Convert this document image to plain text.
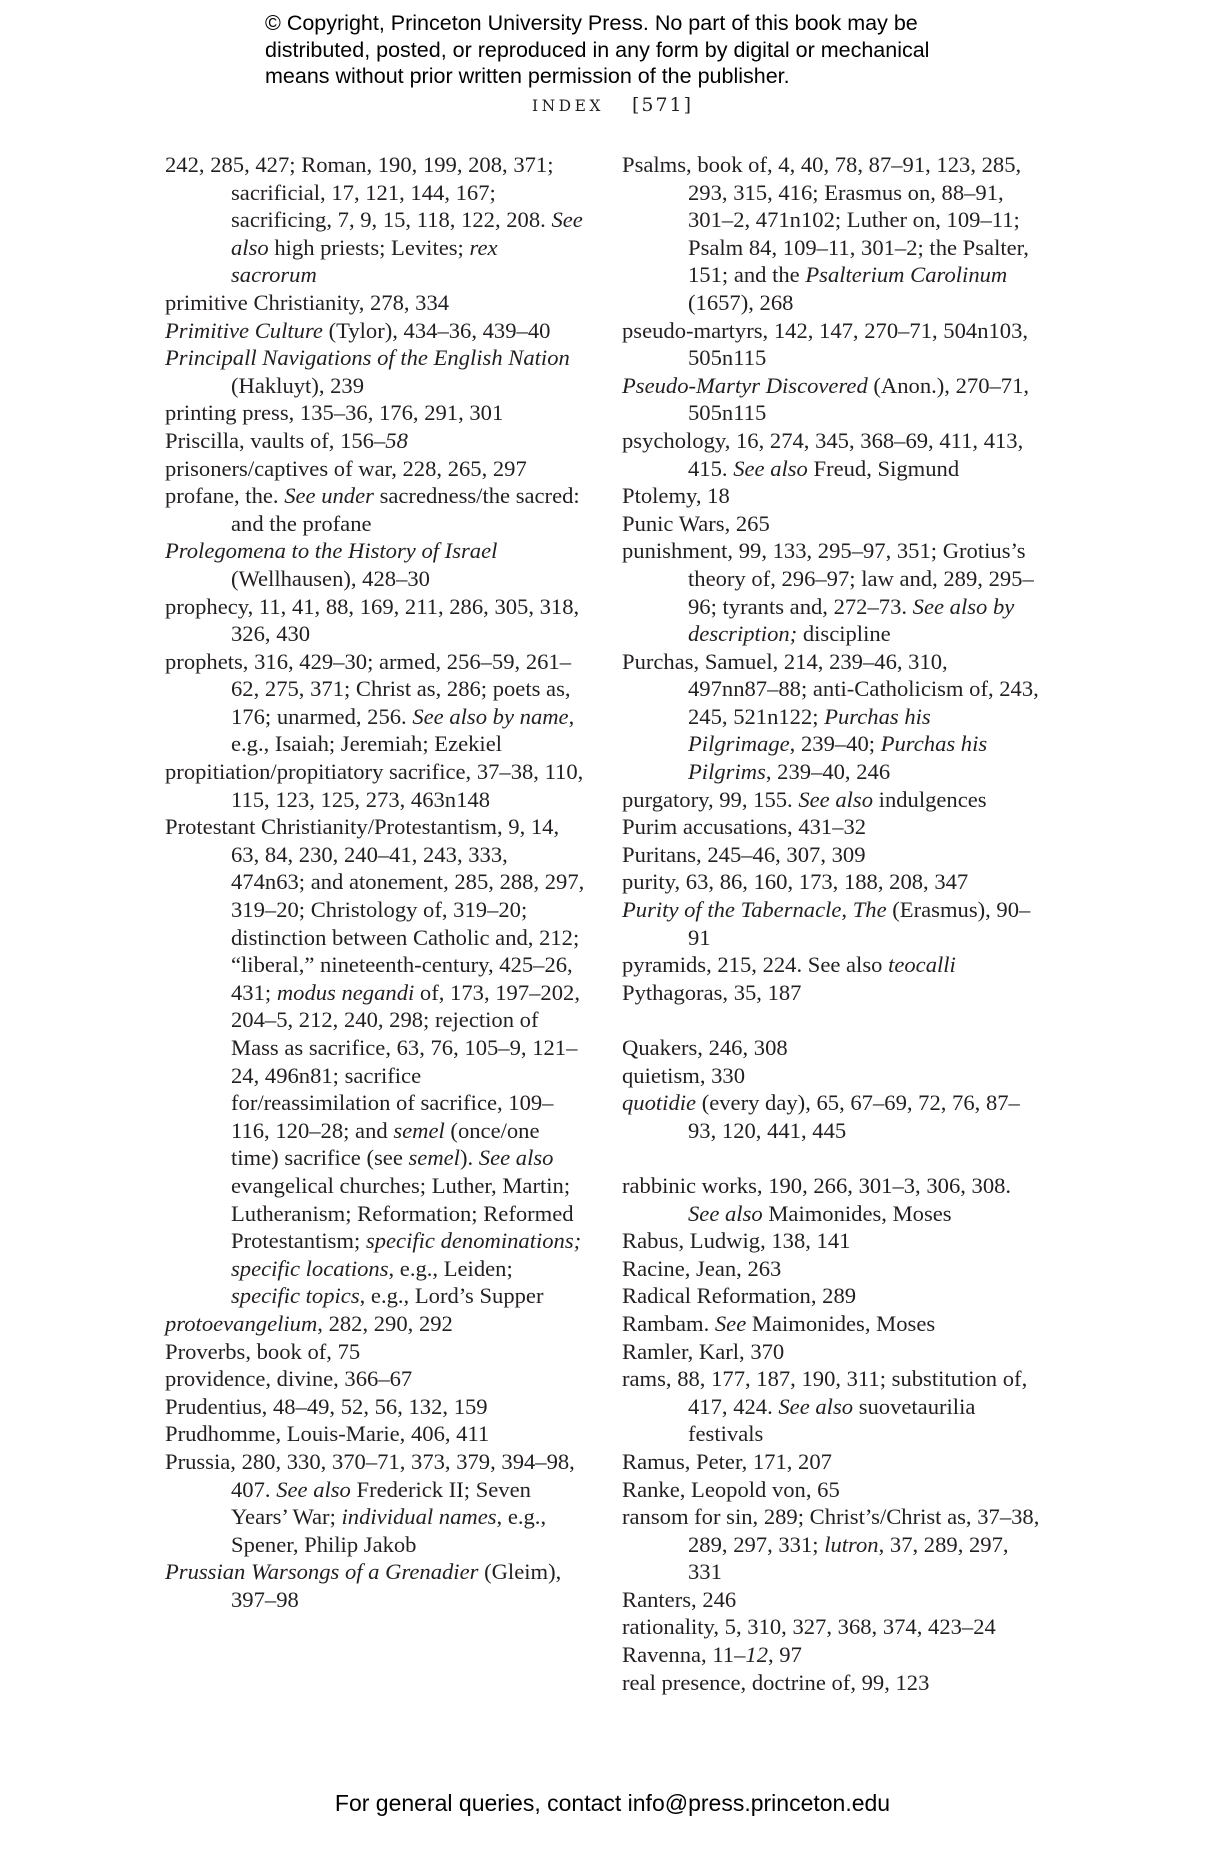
© Copyright, Princeton University Press. No part of this book may be
distributed, posted, or reproduced in any form by digital or mechanical
means without prior written permission of the publisher.
INDEX [571]
242, 285, 427; Roman, 190, 199, 208, 371; sacrificial, 17, 121, 144, 167; sacrificing, 7, 9, 15, 118, 122, 208. See also high priests; Levites; rex sacrorum
primitive Christianity, 278, 334
Primitive Culture (Tylor), 434–36, 439–40
Principall Navigations of the English Nation (Hakluyt), 239
printing press, 135–36, 176, 291, 301
Priscilla, vaults of, 156–58
prisoners/captives of war, 228, 265, 297
profane, the. See under sacredness/the sacred: and the profane
Prolegomena to the History of Israel (Wellhausen), 428–30
prophecy, 11, 41, 88, 169, 211, 286, 305, 318, 326, 430
prophets, 316, 429–30; armed, 256–59, 261–62, 275, 371; Christ as, 286; poets as, 176; unarmed, 256. See also by name, e.g., Isaiah; Jeremiah; Ezekiel
propitiation/propitiatory sacrifice, 37–38, 110, 115, 123, 125, 273, 463n148
Protestant Christianity/Protestantism, 9, 14, 63, 84, 230, 240–41, 243, 333, 474n63; and atonement, 285, 288, 297, 319–20; Christology of, 319–20; distinction between Catholic and, 212; “liberal,” nineteenth-century, 425–26, 431; modus negandi of, 173, 197–202, 204–5, 212, 240, 298; rejection of Mass as sacrifice, 63, 76, 105–9, 121–24, 496n81; sacrifice for/reassimilation of sacrifice, 109–116, 120–28; and semel (once/one time) sacrifice (see semel). See also evangelical churches; Luther, Martin; Lutheranism; Reformation; Reformed Protestantism; specific denominations; specific locations, e.g., Leiden; specific topics, e.g., Lord’s Supper
protoevangelium, 282, 290, 292
Proverbs, book of, 75
providence, divine, 366–67
Prudentius, 48–49, 52, 56, 132, 159
Prudhomme, Louis-Marie, 406, 411
Prussia, 280, 330, 370–71, 373, 379, 394–98, 407. See also Frederick II; Seven Years’ War; individual names, e.g., Spener, Philip Jakob
Prussian Warsongs of a Grenadier (Gleim), 397–98
Psalms, book of, 4, 40, 78, 87–91, 123, 285, 293, 315, 416; Erasmus on, 88–91, 301–2, 471n102; Luther on, 109–11; Psalm 84, 109–11, 301–2; the Psalter, 151; and the Psalterium Carolinum (1657), 268
pseudo-martyrs, 142, 147, 270–71, 504n103, 505n115
Pseudo-Martyr Discovered (Anon.), 270–71, 505n115
psychology, 16, 274, 345, 368–69, 411, 413, 415. See also Freud, Sigmund
Ptolemy, 18
Punic Wars, 265
punishment, 99, 133, 295–97, 351; Grotius’s theory of, 296–97; law and, 289, 295–96; tyrants and, 272–73. See also by description; discipline
Purchas, Samuel, 214, 239–46, 310, 497nn87–88; anti-Catholicism of, 243, 245, 521n122; Purchas his Pilgrimage, 239–40; Purchas his Pilgrims, 239–40, 246
purgatory, 99, 155. See also indulgences
Purim accusations, 431–32
Puritans, 245–46, 307, 309
purity, 63, 86, 160, 173, 188, 208, 347
Purity of the Tabernacle, The (Erasmus), 90–91
pyramids, 215, 224. See also teocalli
Pythagoras, 35, 187
Quakers, 246, 308
quietism, 330
quotidie (every day), 65, 67–69, 72, 76, 87–93, 120, 441, 445
rabbinic works, 190, 266, 301–3, 306, 308. See also Maimonides, Moses
Rabus, Ludwig, 138, 141
Racine, Jean, 263
Radical Reformation, 289
Rambam. See Maimonides, Moses
Ramler, Karl, 370
rams, 88, 177, 187, 190, 311; substitution of, 417, 424. See also suovetaurilia festivals
Ramus, Peter, 171, 207
Ranke, Leopold von, 65
ransom for sin, 289; Christ’s/Christ as, 37–38, 289, 297, 331; lutron, 37, 289, 297, 331
Ranters, 246
rationality, 5, 310, 327, 368, 374, 423–24
Ravenna, 11–12, 97
real presence, doctrine of, 99, 123
For general queries, contact info@press.princeton.edu
